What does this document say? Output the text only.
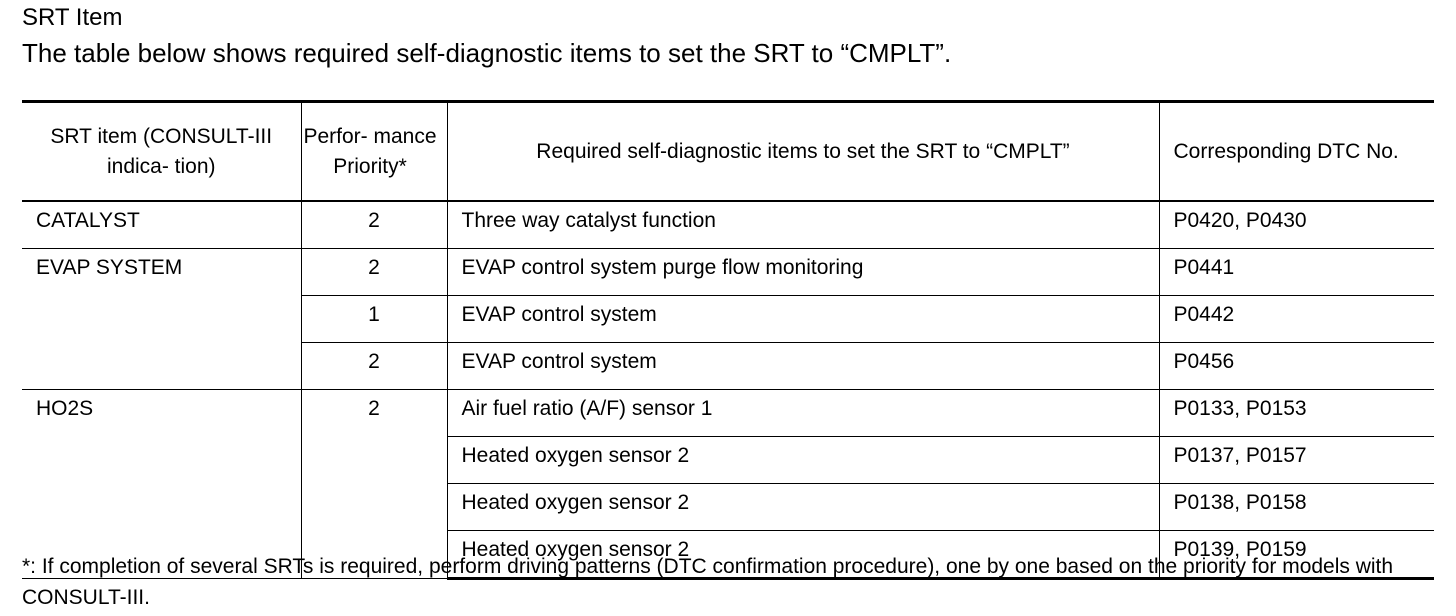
SRT Item
The table below shows required self-diagnostic items to set the SRT to “CMPLT”.
SRT item (CONSULT-III indica- tion)	Perfor- mance Priority*	Required self-diagnostic items to set the SRT to “CMPLT”	Corresponding DTC No.
CATALYST	2	Three way catalyst function	P0420, P0430
EVAP SYSTEM	2	EVAP control system purge flow monitoring	P0441
	1	EVAP control system	P0442
	2	EVAP control system	P0456
HO2S	2	Air fuel ratio (A/F) sensor 1	P0133, P0153
		Heated oxygen sensor 2	P0137, P0157
		Heated oxygen sensor 2	P0138, P0158
		Heated oxygen sensor 2	P0139, P0159
*: If completion of several SRTs is required, perform driving patterns (DTC confirmation procedure), one by one based on the priority for models with CONSULT-III.
